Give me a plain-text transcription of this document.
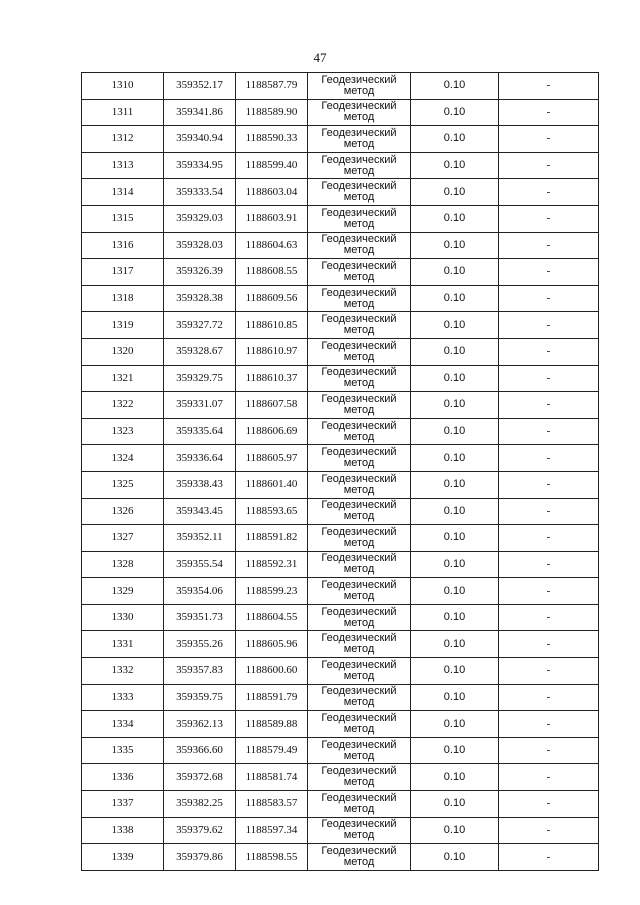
47
1310	359352.17	1188587.79	Геодезический
метод	0.10	-
1311	359341.86	1188589.90	Геодезический
метод	0.10	-
1312	359340.94	1188590.33	Геодезический
метод	0.10	-
1313	359334.95	1188599.40	Геодезический
метод	0.10	-
1314	359333.54	1188603.04	Геодезический
метод	0.10	-
1315	359329.03	1188603.91	Геодезический
метод	0.10	-
1316	359328.03	1188604.63	Геодезический
метод	0.10	-
1317	359326.39	1188608.55	Геодезический
метод	0.10	-
1318	359328.38	1188609.56	Геодезический
метод	0.10	-
1319	359327.72	1188610.85	Геодезический
метод	0.10	-
1320	359328.67	1188610.97	Геодезический
метод	0.10	-
1321	359329.75	1188610.37	Геодезический
метод	0.10	-
1322	359331.07	1188607.58	Геодезический
метод	0.10	-
1323	359335.64	1188606.69	Геодезический
метод	0.10	-
1324	359336.64	1188605.97	Геодезический
метод	0.10	-
1325	359338.43	1188601.40	Геодезический
метод	0.10	-
1326	359343.45	1188593.65	Геодезический
метод	0.10	-
1327	359352.11	1188591.82	Геодезический
метод	0.10	-
1328	359355.54	1188592.31	Геодезический
метод	0.10	-
1329	359354.06	1188599.23	Геодезический
метод	0.10	-
1330	359351.73	1188604.55	Геодезический
метод	0.10	-
1331	359355.26	1188605.96	Геодезический
метод	0.10	-
1332	359357.83	1188600.60	Геодезический
метод	0.10	-
1333	359359.75	1188591.79	Геодезический
метод	0.10	-
1334	359362.13	1188589.88	Геодезический
метод	0.10	-
1335	359366.60	1188579.49	Геодезический
метод	0.10	-
1336	359372.68	1188581.74	Геодезический
метод	0.10	-
1337	359382.25	1188583.57	Геодезический
метод	0.10	-
1338	359379.62	1188597.34	Геодезический
метод	0.10	-
1339	359379.86	1188598.55	Геодезический
метод	0.10	-
